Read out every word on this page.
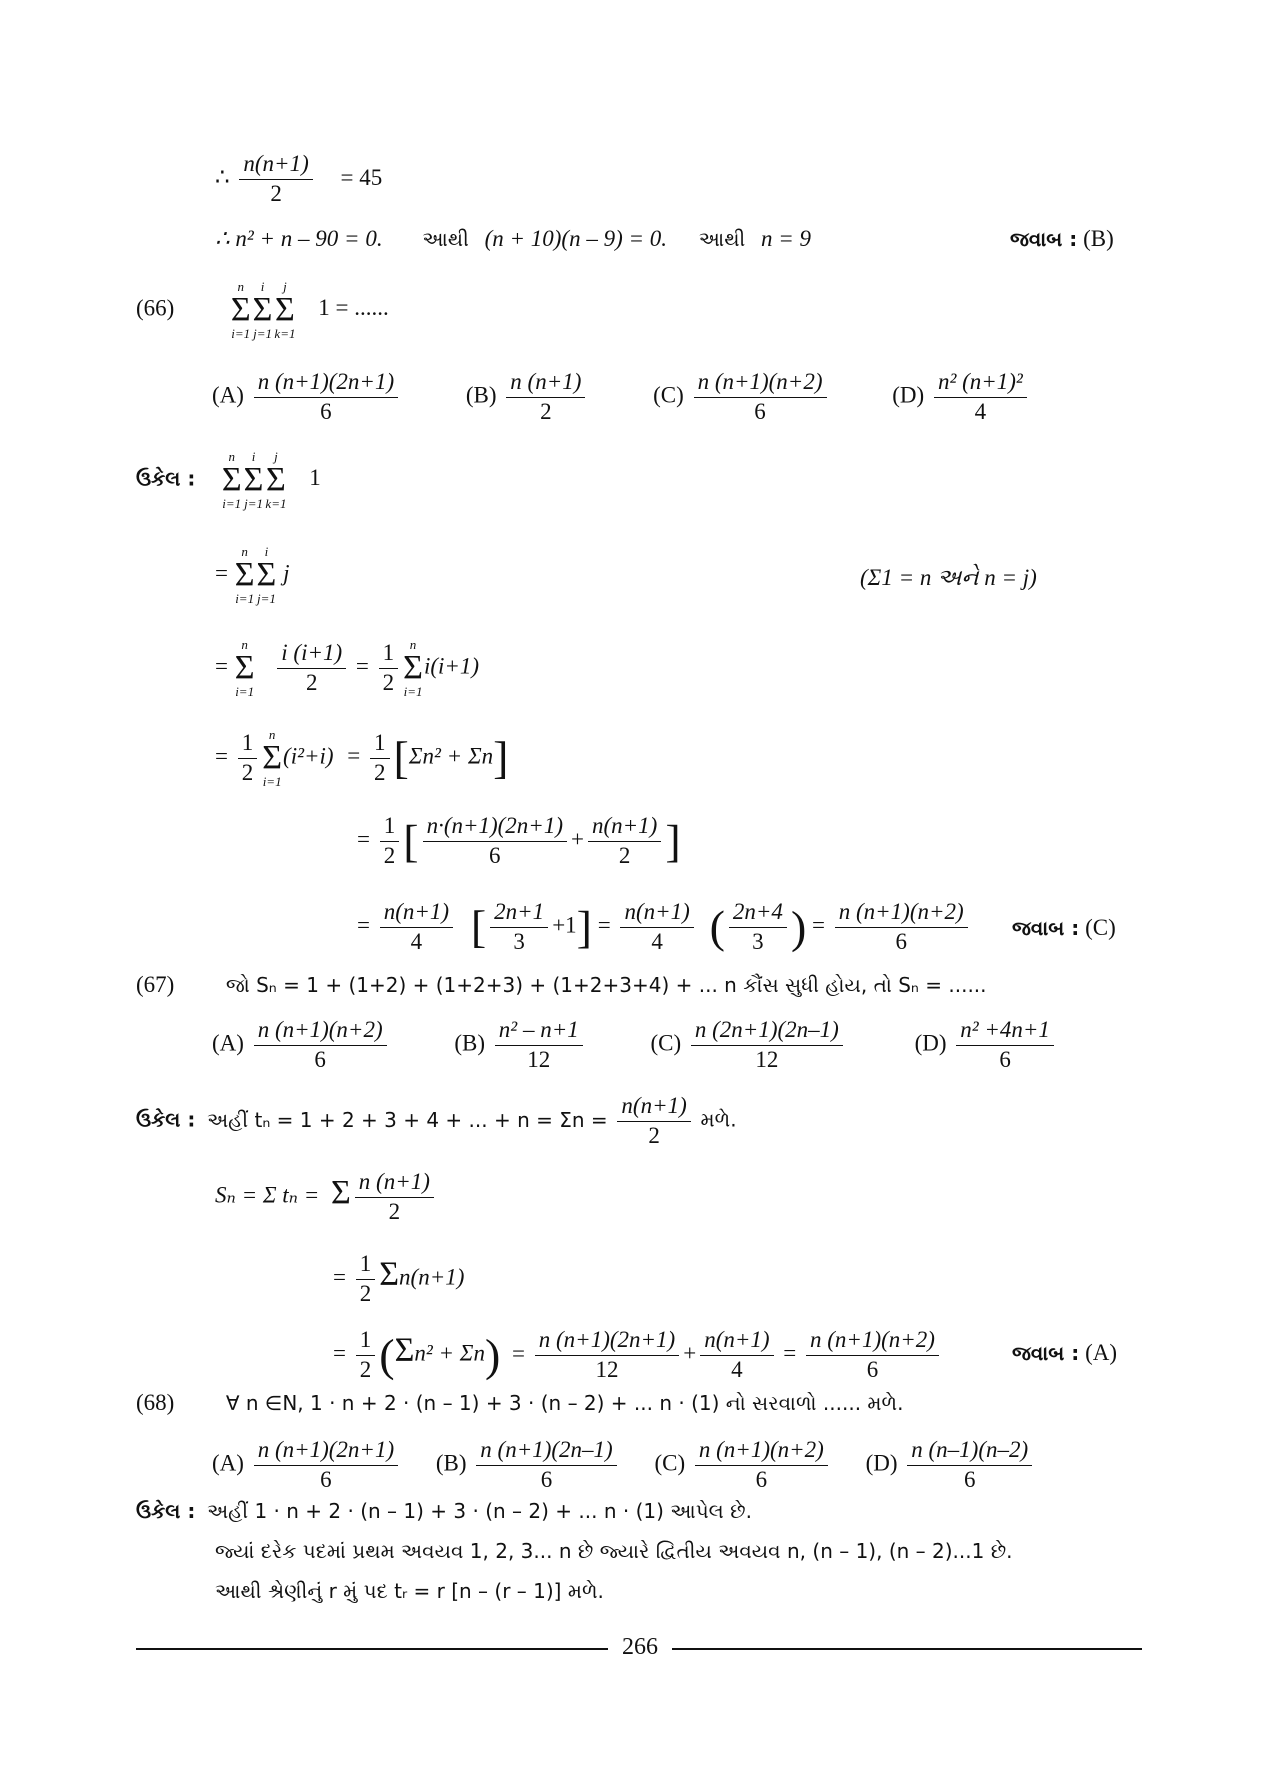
∴ $\frac{n(n+1)}{2} = 45$
∴ n² + n – 90 = 0. આથી (n + 10)(n – 9) = 0. આથી n = 9	જવાબ : (B)
(66)
n
Σ
i=1
i
Σ
j=1
j
Σ
k=1
1 = ......
$(A) \frac{n (n+1)(2n+1)}{6}$	$(B) \frac{n (n+1)}{2}$	$(C) \frac{n (n+1)(n+2)}{6}$	$(D) \frac{\text{n² (n+1)²}}{4}$
ઉકેલ :
n
Σ
i=1
i
Σ
j=1
j
Σ
k=1
1
=
n
Σ
i=1
i
Σ
j=1
j	(Σ1 = n અને n = j)
=
n
Σ
i=1
$\frac{i (i+1)}{2} = \frac{1}{2}$ n
Σ
i=1
i(i+1)
= $\frac{1}{2}$ n
Σ
i=1
$(i^2+i) = \frac{1}{2} [\Sigma n^2 + \Sigma n]$
= $\frac{1}{2}$ [ $\frac{n\cdot(n+1)(2n+1)}{6} + \frac{n(n+1)}{2}$ ]
= $\frac{n(n+1)}{4}$ [ $\frac{2n+1}{3} +1] = \frac{n(n+1)}{4}$ ( $\frac{2n+4}{3}$ ) = $\frac{n (n+1)(n+2)}{6}$ જવાબ : (C)
(67)	જો Sₙ = 1 + (1+2) + (1+2+3) + (1+2+3+4) + ... n કૌંસ સુધી હોય, તો Sₙ = ......
$(A) \frac{n (n+1)(n+2)}{6}$	$(B) \frac{\text{n² – n+1}}{12}$	$(C) \frac{n (2n+1)(2n-1)}{12}$	$(D) \frac{\text{n² +4n+1}}{6}$
ઉકેલ : અહીં tₙ = 1 + 2 + 3 + 4 + ... + $n = \Sigma n = \frac{n(n+1)}{2}$ મળે.
Sₙ = Σ tₙ = Σ $\frac{n (n+1)}{2}$
= $\frac{1}{2} \Sigma n(n+1)$
= $\frac{1}{2} (\Sigma n^2 + \Sigma n) = \frac{n (n+1)(2n+1)}{12} + \frac{n(n+1)}{4} = \frac{n (n+1)(n+2)}{6}$	જવાબ : (A)
(68)	∀ n ∈N, 1 · n + 2 · (n – 1) + 3 · (n – 2) + ... n · (1) નો સરવાળો ...... મળે.
$(A) \frac{n (n+1)(2n+1)}{6} (B) \frac{n (n+1)(2n-1)}{6} (C) \frac{n (n+1)(n+2)}{6} (D) \frac{n (n-1)(n-2)}{6}$
ઉકેલ : અહીં 1 · n + 2 · (n – 1) + 3 · (n – 2) + ... n · (1) આપેલ છે.
જ્યાં દરેક પદમાં પ્રથમ અવયવ 1, 2, 3... n છે જ્યારે દ્વિતીય અવયવ n, (n – 1), (n – 2)...1 છે.
આથી શ્રેણીનું r મું પદ tᵣ = r [n – (r – 1)] મળે.
266
